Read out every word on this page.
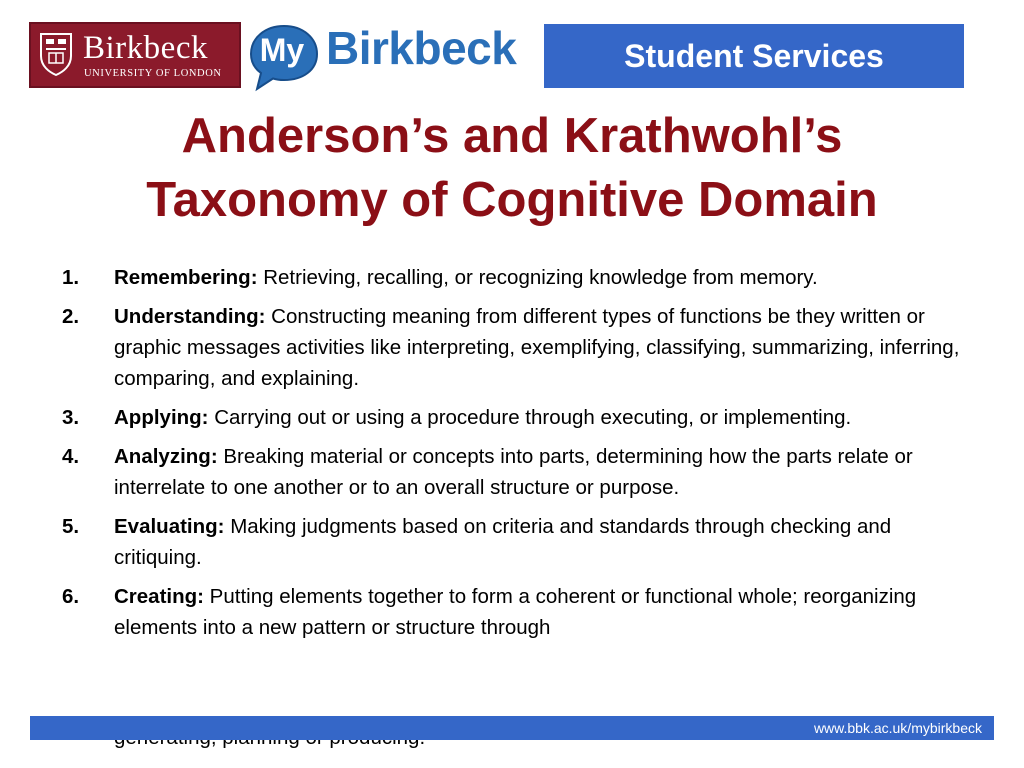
Birkbeck
UNIVERSITY OF LONDON
My Birkbeck	Student Services
Anderson’s and Krathwohl’s
Taxonomy of Cognitive Domain
1. Remembering: Retrieving, recalling, or recognizing knowledge from memory.
2. Understanding: Constructing meaning from different types of functions be they written or graphic messages activities like interpreting, exemplifying, classifying, summarizing, inferring, comparing, and explaining.
3. Applying: Carrying out or using a procedure through executing, or implementing.
4. Analyzing: Breaking material or concepts into parts, determining how the parts relate or interrelate to one another or to an overall structure or purpose.
5. Evaluating: Making judgments based on criteria and standards through checking and critiquing.
6. Creating: Putting elements together to form a coherent or functional whole; reorganizing elements into a new pattern or structure through
www.bbk.ac.uk/mybirkbeck
